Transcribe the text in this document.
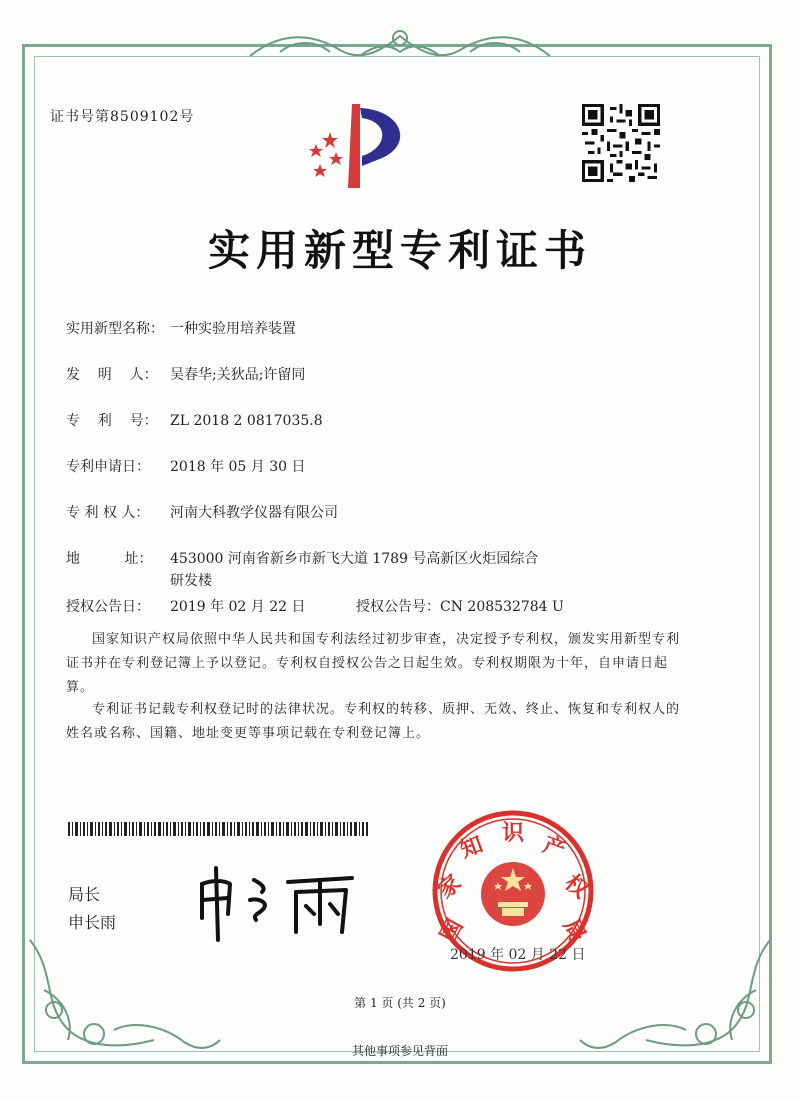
证书号第8509102号
实用新型专利证书
实用新型名称： 一种实验用培养装置
发    明    人： 吴春华;关狄品;许留同
专    利    号： ZL 2018 2 0817035.8
专利申请日： 2018 年 05 月 30 日
专 利 权 人： 河南大科教学仪器有限公司
地          址： 453000 河南省新乡市新飞大道 1789 号高新区火炬园综合
研发楼
授权公告日： 2019 年 02 月 22 日	授权公告号：CN 208532784 U
国家知识产权局依照中华人民共和国专利法经过初步审查，决定授予专利权，颁发实用新型专利证书并在专利登记簿上予以登记。专利权自授权公告之日起生效。专利权期限为十年，自申请日起算。
专利证书记载专利权登记时的法律状况。专利权的转移、质押、无效、终止、恢复和专利权人的姓名或名称、国籍、地址变更等事项记载在专利登记簿上。
局长
申长雨	国
家
知 识 产
权
局
2019 年 02 月 22 日
第 1 页 (共 2 页)
其他事项参见背面
